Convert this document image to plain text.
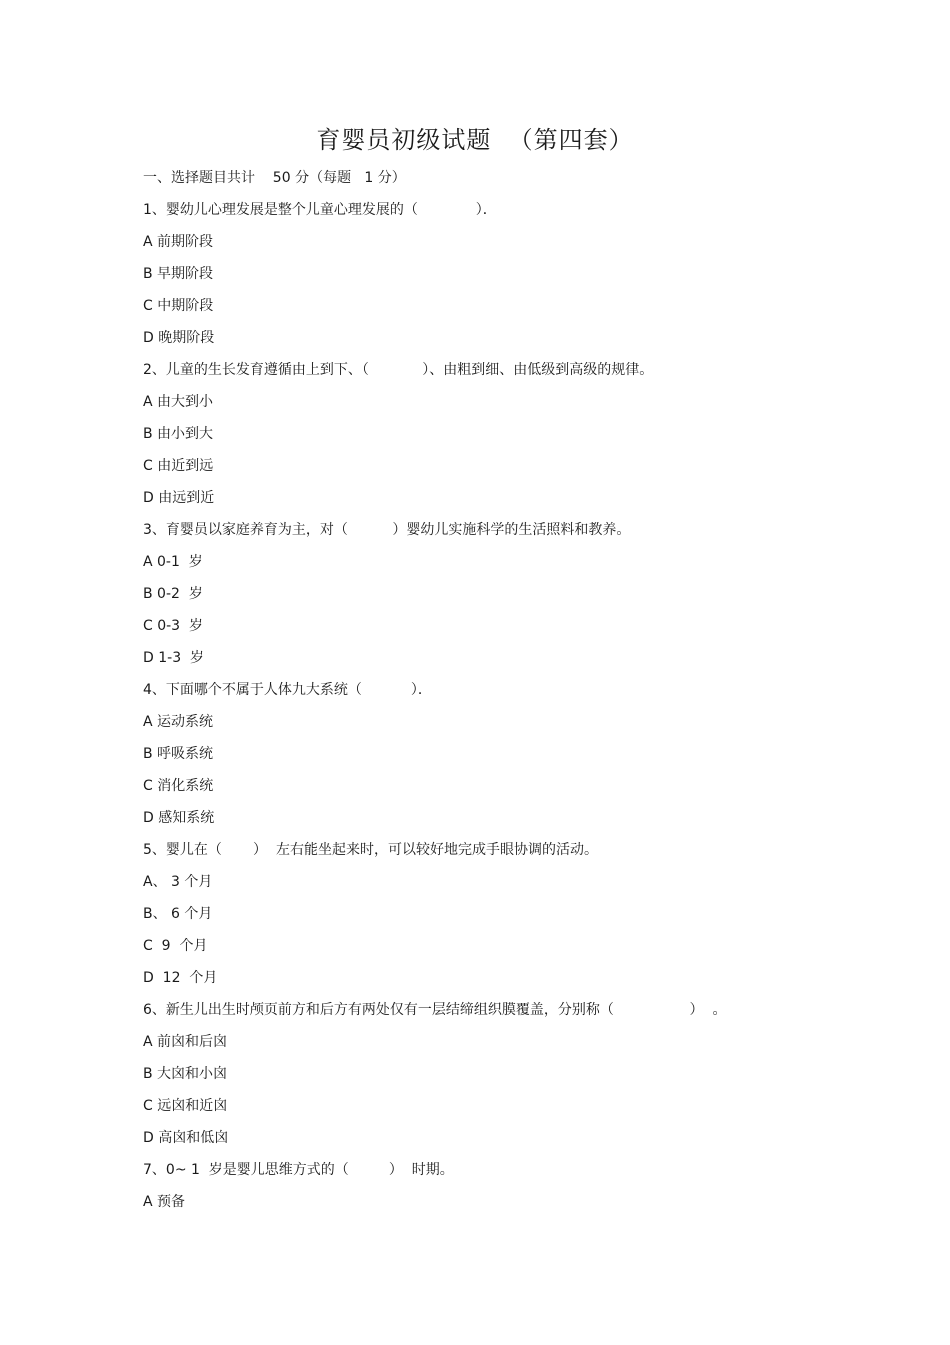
育婴员初级试题  （第四套）
一、选择题目共计    50 分（每题   1 分）
1、婴幼儿心理发展是整个儿童心理发展的（             ）．
A 前期阶段
B 早期阶段
C 中期阶段
D 晚期阶段
2、儿童的生长发育遵循由上到下、（            ）、由粗到细、由低级到高级的规律。
A 由大到小
B 由小到大
C 由近到远
D 由远到近
3、育婴员以家庭养育为主，对（          ）婴幼儿实施科学的生活照料和教养。
A 0-1  岁
B 0-2  岁
C 0-3  岁
D 1-3  岁
4、下面哪个不属于人体九大系统（           ）．
A 运动系统
B 呼吸系统
C 消化系统
D 感知系统
5、婴儿在（       ）  左右能坐起来时，可以较好地完成手眼协调的活动。
A、 3 个月
B、 6 个月
C  9  个月
D  12  个月
6、新生儿出生时颅页前方和后方有两处仅有一层结缔组织膜覆盖，分别称（                 ）  。
A 前囟和后囟
B 大囟和小囟
C 远囟和近囟
D 高囟和低囟
7、0~ 1  岁是婴儿思维方式的（         ）  时期。
A 预备
